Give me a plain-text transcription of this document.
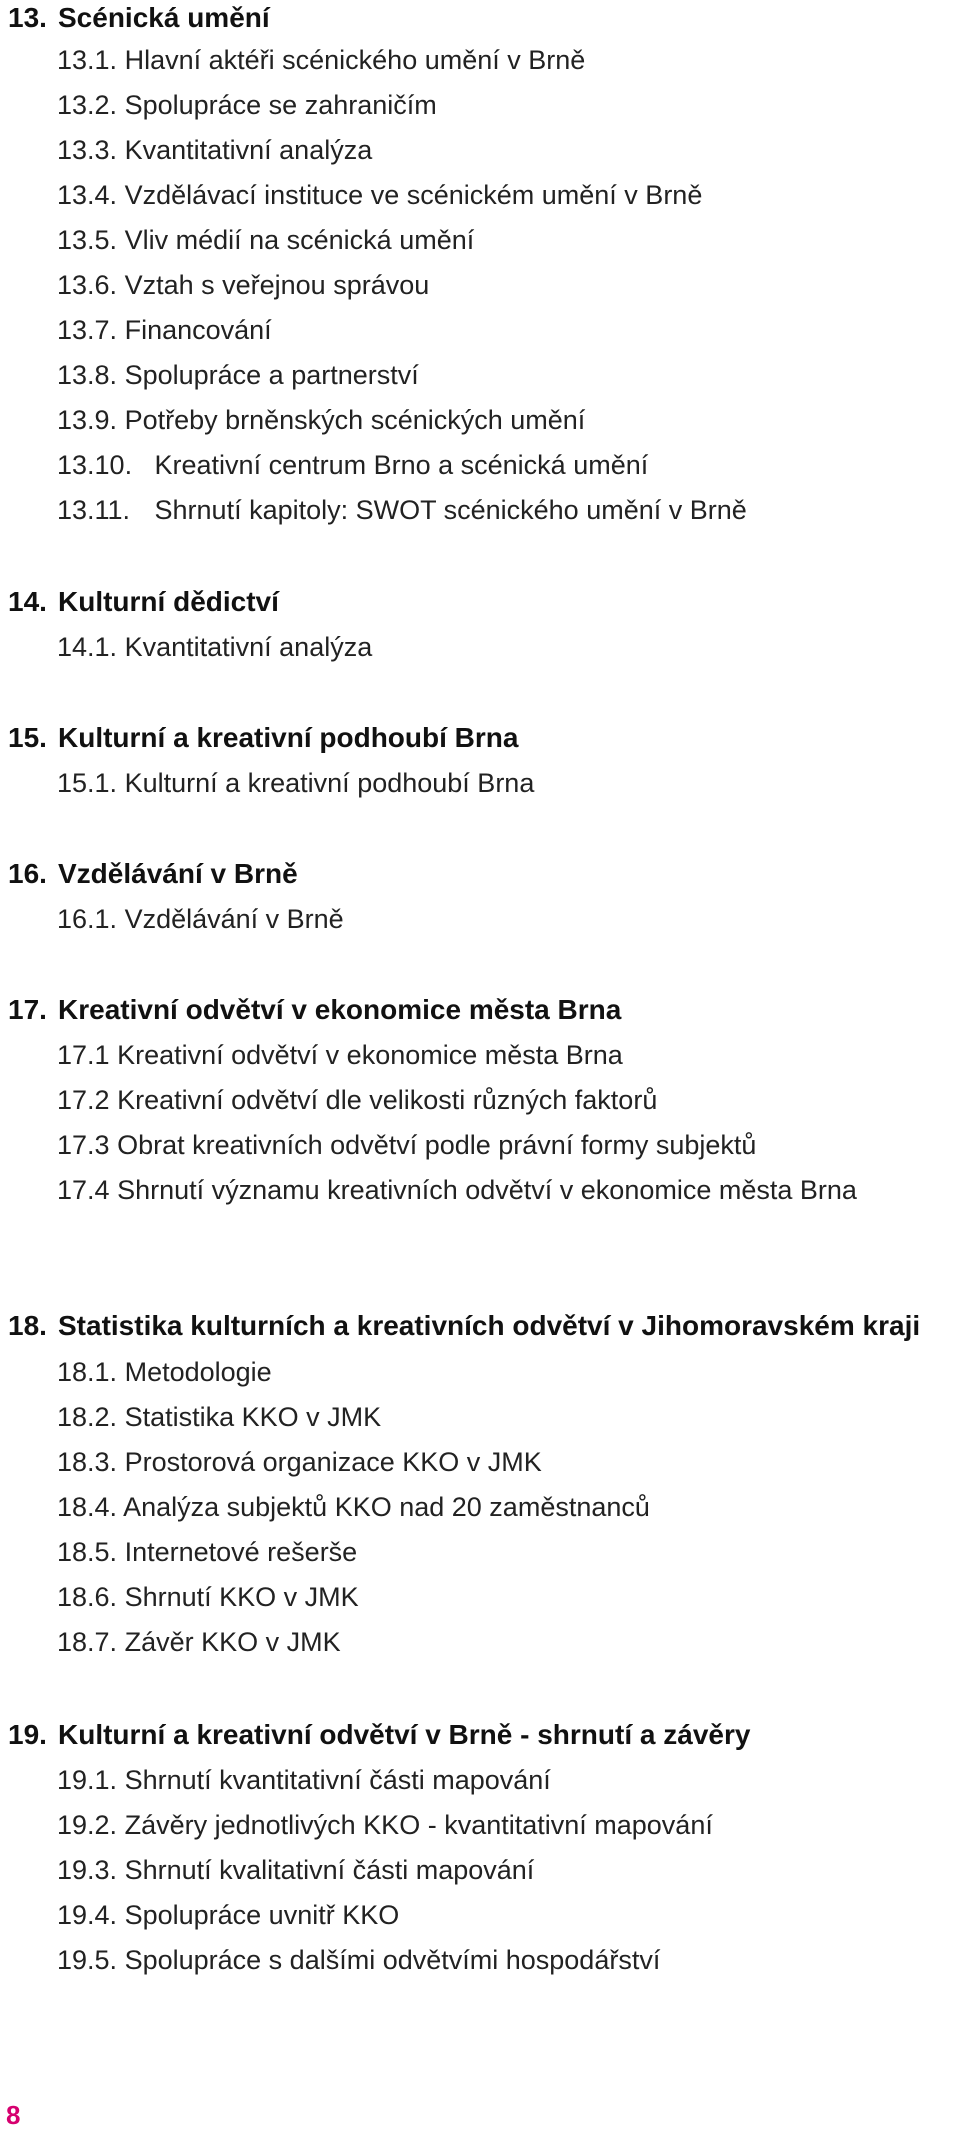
13. Scénická umění
13.1. Hlavní aktéři scénického umění v Brně
13.2. Spolupráce se zahraničím
13.3. Kvantitativní analýza
13.4. Vzdělávací instituce ve scénickém umění v Brně
13.5. Vliv médií na scénická umění
13.6. Vztah s veřejnou správou
13.7. Financování
13.8. Spolupráce a partnerství
13.9. Potřeby brněnských scénických umění
13.10. Kreativní centrum Brno a scénická umění
13.11. Shrnutí kapitoly: SWOT scénického umění v Brně
14. Kulturní dědictví
14.1. Kvantitativní analýza
15. Kulturní a kreativní podhoubí Brna
15.1. Kulturní a kreativní podhoubí Brna
16. Vzdělávání v Brně
16.1. Vzdělávání v Brně
17. Kreativní odvětví v ekonomice města Brna
17.1 Kreativní odvětví v ekonomice města Brna
17.2 Kreativní odvětví dle velikosti různých faktorů
17.3 Obrat kreativních odvětví podle právní formy subjektů
17.4 Shrnutí významu kreativních odvětví v ekonomice města Brna
18. Statistika kulturních a kreativních odvětví v Jihomoravském kraji
18.1. Metodologie
18.2. Statistika KKO v JMK
18.3. Prostorová organizace KKO v JMK
18.4. Analýza subjektů KKO nad 20 zaměstnanců
18.5. Internetové rešerše
18.6. Shrnutí KKO v JMK
18.7. Závěr KKO v JMK
19. Kulturní a kreativní odvětví v Brně - shrnutí a závěry
19.1. Shrnutí kvantitativní části mapování
19.2. Závěry jednotlivých KKO - kvantitativní mapování
19.3. Shrnutí kvalitativní části mapování
19.4. Spolupráce uvnitř KKO
19.5. Spolupráce s dalšími odvětvími hospodářství
8
